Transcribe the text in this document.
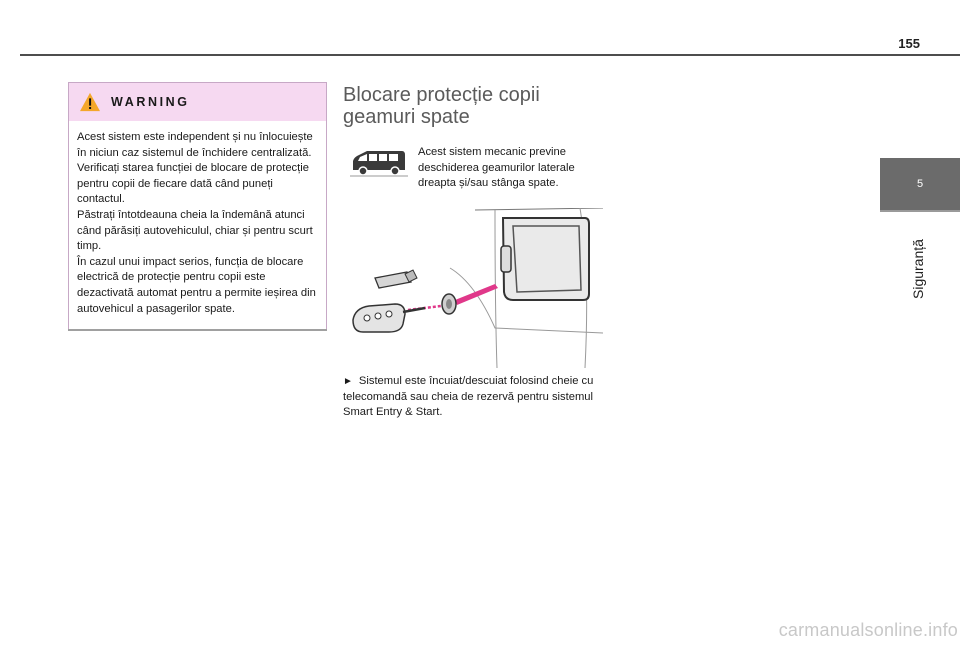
155
5
Siguranță
WARNING

Acest sistem este independent și nu înlocuiește în niciun caz sistemul de închidere centralizată.

Verificați starea funcției de blocare de protecție pentru copii de fiecare dată când puneți contactul.

Păstrați întotdeauna cheia la îndemână atunci când părăsiți autovehiculul, chiar și pentru scurt timp.

În cazul unui impact serios, funcția de blocare electrică de protecție pentru copii este dezactivată automat pentru a permite ieșirea din autovehicul a pasagerilor spate.

Blocare protecție copii
geamuri spate

Acest sistem mecanic previne deschiderea geamurilor laterale dreapta și/sau stânga spate.

► Sistemul este încuiat/descuiat folosind cheie cu telecomandă sau cheia de rezervă pentru sistemul Smart Entry & Start.

carmanualsonline.info
